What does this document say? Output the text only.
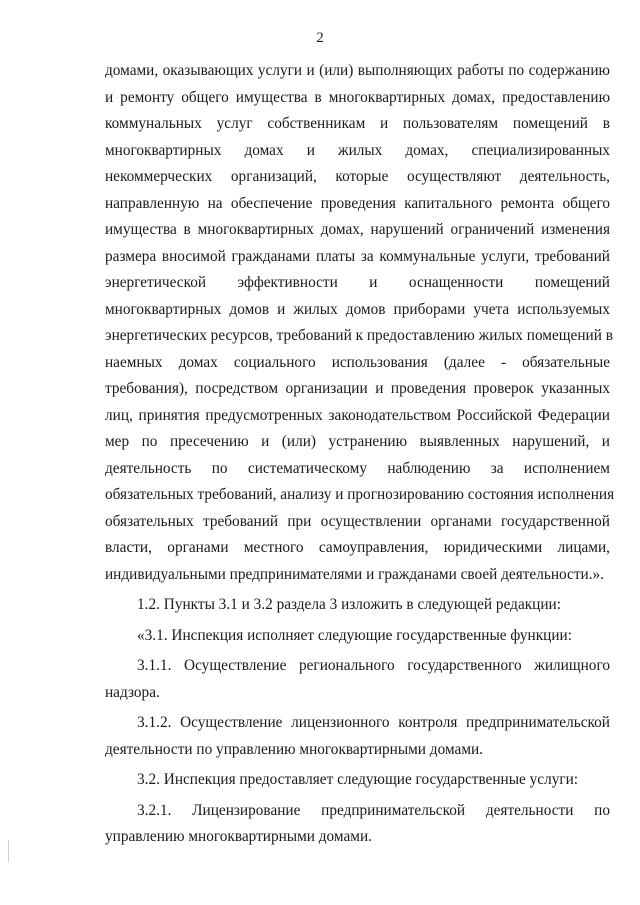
2
домами, оказывающих услуги и (или) выполняющих работы по содержанию
и ремонту общего имущества в многоквартирных домах, предоставлению
коммунальных услуг собственникам и пользователям помещений в
многоквартирных домах и жилых домах, специализированных
некоммерческих организаций, которые осуществляют деятельность,
направленную на обеспечение проведения капитального ремонта общего
имущества в многоквартирных домах, нарушений ограничений изменения
размера вносимой гражданами платы за коммунальные услуги, требований
энергетической эффективности и оснащенности помещений
многоквартирных домов и жилых домов приборами учета используемых
энергетических ресурсов, требований к предоставлению жилых помещений в
наемных домах социального использования (далее - обязательные
требования), посредством организации и проведения проверок указанных
лиц, принятия предусмотренных законодательством Российской Федерации
мер по пресечению и (или) устранению выявленных нарушений, и
деятельность по систематическому наблюдению за исполнением
обязательных требований, анализу и прогнозированию состояния исполнения
обязательных требований при осуществлении органами государственной
власти, органами местного самоуправления, юридическими лицами,
индивидуальными предпринимателями и гражданами своей деятельности.».
1.2. Пункты 3.1 и 3.2 раздела 3 изложить в следующей редакции:
«3.1. Инспекция исполняет следующие государственные функции:
3.1.1. Осуществление регионального государственного жилищного
надзора.
3.1.2. Осуществление лицензионного контроля предпринимательской
деятельности по управлению многоквартирными домами.
3.2. Инспекция предоставляет следующие государственные услуги:
3.2.1. Лицензирование предпринимательской деятельности по
управлению многоквартирными домами.
